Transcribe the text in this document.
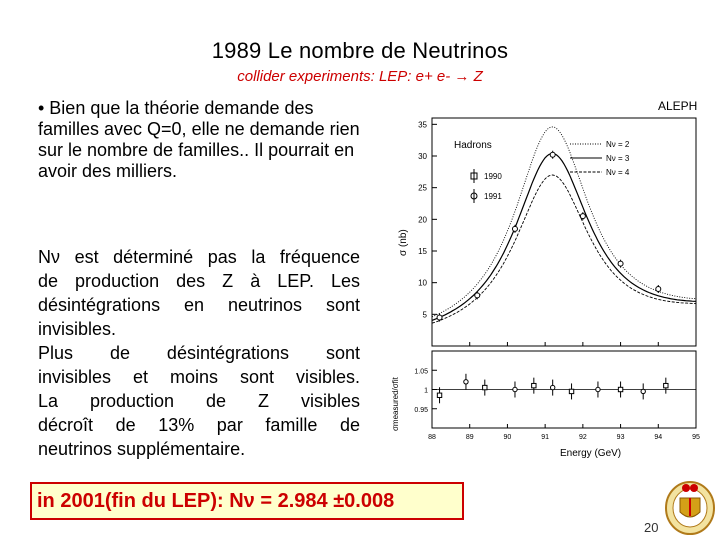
1989 Le nombre de Neutrinos
collider experiments: LEP: e+ e- → Z
• Bien que la théorie demande des familles avec Q=0, elle ne demande rien sur le nombre de familles.. Il pourrait en avoir des milliers.
Nν est déterminé pas la fréquence
de production des Z à LEP. Les
désintégrations en neutrinos sont
invisibles.
Plus de désintégrations sont
invisibles et moins sont visibles.
La production de Z visibles
décroît de 13% par famille de
neutrinos supplémentaire.
ALEPH
Hadrons
Energy (GeV)
σ (nb)
σmeasured/σfit
5
10
15
20
25
30
35
0.95
1
1.05
88	89	90	91	92	93	94	95
Nν = 2
Nν = 3
Nν = 4
1990
1991
in 2001(fin du LEP): Nν = 2.984 ±0.008
20
